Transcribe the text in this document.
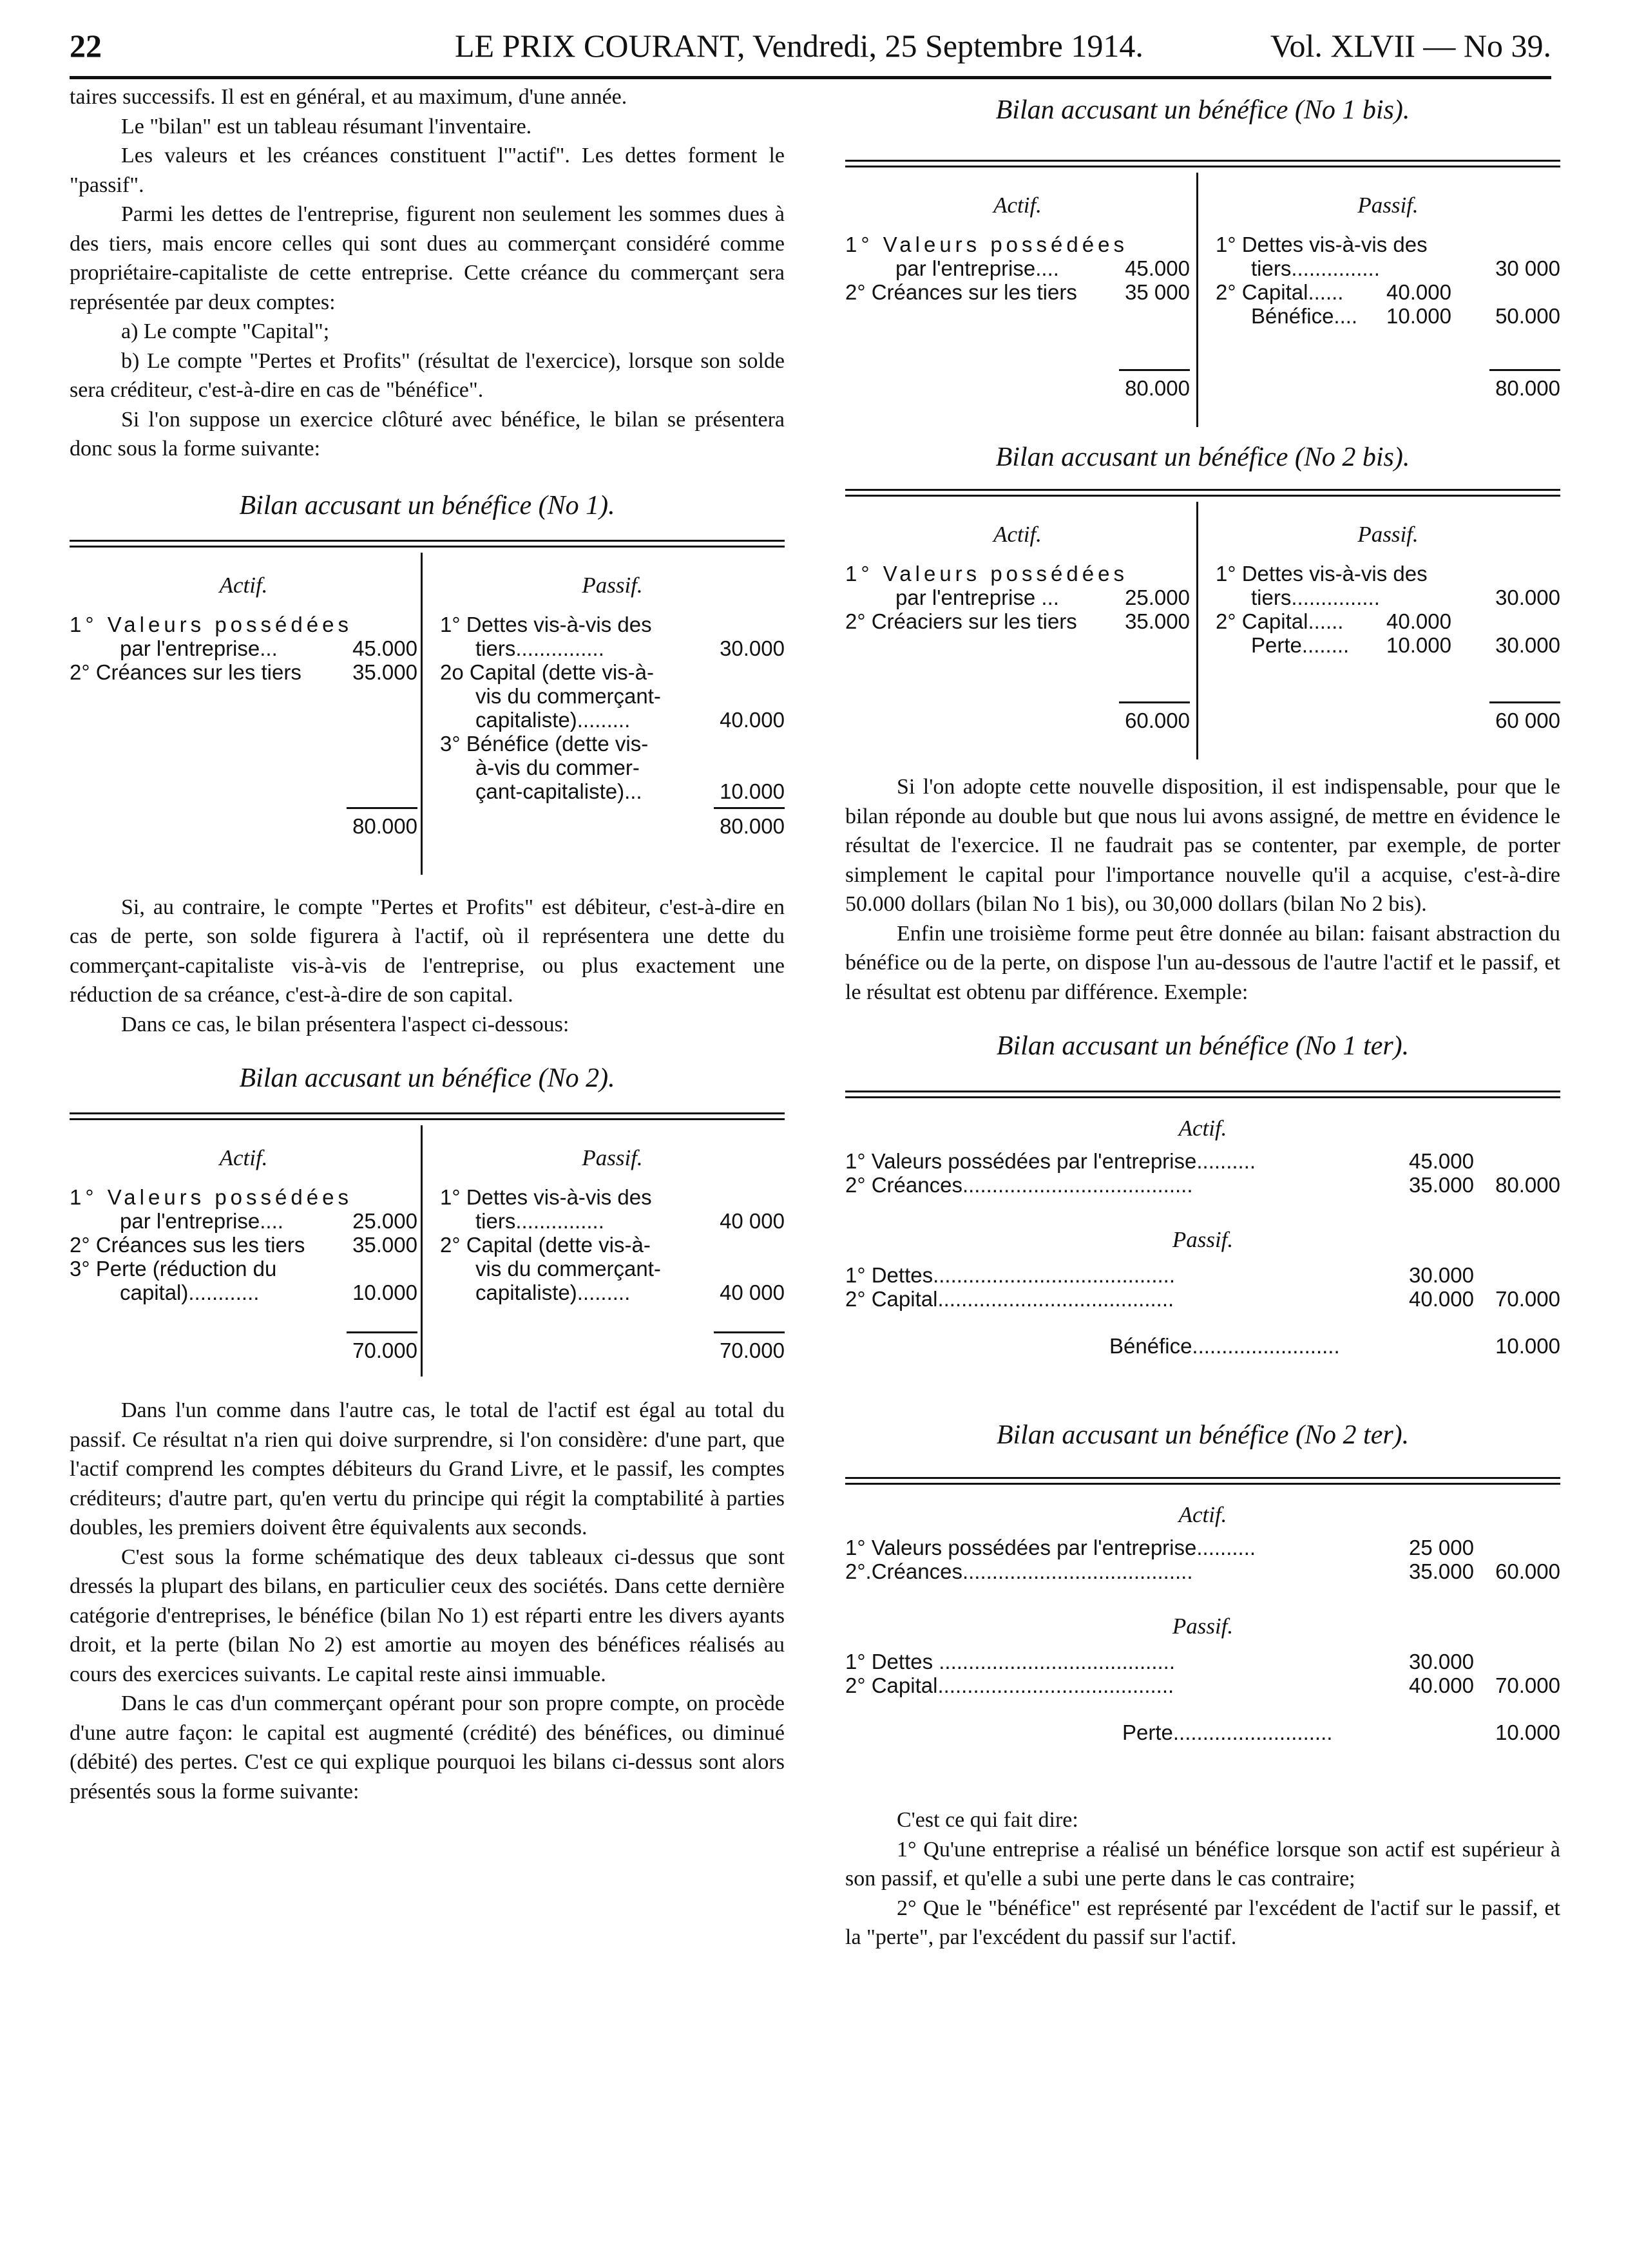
22	LE PRIX COURANT, Vendredi, 25 Septembre 1914.	Vol. XLVII — No 39.

taires successifs. Il est en général, et au maximum, d'une année.

Le "bilan" est un tableau résumant l'inventaire.

Les valeurs et les créances constituent l'"actif". Les dettes forment le "passif".

Parmi les dettes de l'entreprise, figurent non seulement les sommes dues à des tiers, mais encore celles qui sont dues au commerçant considéré comme propriétaire-capitaliste de cette entreprise. Cette créance du commerçant sera représentée par deux comptes:

a) Le compte "Capital";

b) Le compte "Pertes et Profits" (résultat de l'exercice), lorsque son solde sera créditeur, c'est-à-dire en cas de "bénéfice".

Si l'on suppose un exercice clôturé avec bénéfice, le bilan se présentera donc sous la forme suivante:

Bilan accusant un bénéfice (No 1).
Actif.
1° Valeurs possédées
par l'entreprise...	45.000
2° Créances sur les tiers 35.000
80.000
Passif.
1° Dettes vis-à-vis des
tiers...............	30.000
2o Capital (dette vis-à-
vis du commerçant-
capitaliste).........	40.000
3° Bénéfice (dette vis-
à-vis du commer-
çant-capitaliste)...	10.000
80.000

Si, au contraire, le compte "Pertes et Profits" est débiteur, c'est-à-dire en cas de perte, son solde figurera à l'actif, où il représentera une dette du commerçant-capitaliste vis-à-vis de l'entreprise, ou plus exactement une réduction de sa créance, c'est-à-dire de son capital.

Dans ce cas, le bilan présentera l'aspect ci-dessous:

Bilan accusant un bénéfice (No 2).
Actif.
1° Valeurs possédées
par l'entreprise....	25.000
2° Créances sus les tiers 35.000
3° Perte (réduction du
capital)............	10.000
70.000
Passif.
1° Dettes vis-à-vis des
tiers...............	40 000
2° Capital (dette vis-à-
vis du commerçant-
capitaliste).........	40 000
70.000

Dans l'un comme dans l'autre cas, le total de l'actif est égal au total du passif. Ce résultat n'a rien qui doive surprendre, si l'on considère: d'une part, que l'actif comprend les comptes débiteurs du Grand Livre, et le passif, les comptes créditeurs; d'autre part, qu'en vertu du principe qui régit la comptabilité à parties doubles, les premiers doivent être équivalents aux seconds.

C'est sous la forme schématique des deux tableaux ci-dessus que sont dressés la plupart des bilans, en particulier ceux des sociétés. Dans cette dernière catégorie d'entreprises, le bénéfice (bilan No 1) est réparti entre les divers ayants droit, et la perte (bilan No 2) est amortie au moyen des bénéfices réalisés au cours des exercices suivants. Le capital reste ainsi immuable.

Dans le cas d'un commerçant opérant pour son propre compte, on procède d'une autre façon: le capital est augmenté (crédité) des bénéfices, ou diminué (débité) des pertes. C'est ce qui explique pourquoi les bilans ci-dessus sont alors présentés sous la forme suivante:

Bilan accusant un bénéfice (No 1 bis).
Actif.
1° Valeurs possédées
par l'entreprise....	45.000
2° Créances sur les tiers 35 000
80.000
Passif.
1° Dettes vis-à-vis des
tiers...............	30 000
2° Capital...... 40.000
Bénéfice.... 10.000 50.000
80.000
Bilan accusant un bénéfice (No 2 bis).
Actif.
1° Valeurs possédées
par l'entreprise ...	25.000
2° Créaciers sur les tiers 35.000
60.000
Passif.
1° Dettes vis-à-vis des
tiers...............	30.000
2° Capital...... 40.000
Perte........ 10.000 30.000
60 000

Si l'on adopte cette nouvelle disposition, il est indispensable, pour que le bilan réponde au double but que nous lui avons assigné, de mettre en évidence le résultat de l'exercice. Il ne faudrait pas se contenter, par exemple, de porter simplement le capital pour l'importance nouvelle qu'il a acquise, c'est-à-dire 50.000 dollars (bilan No 1 bis), ou 30,000 dollars (bilan No 2 bis).

Enfin une troisième forme peut être donnée au bilan: faisant abstraction du bénéfice ou de la perte, on dispose l'un au-dessous de l'autre l'actif et le passif, et le résultat est obtenu par différence. Exemple:

Bilan accusant un bénéfice (No 1 ter).
Actif.
1° Valeurs possédées par l'entreprise..........	45.000
2° Créances.......................................	35.000 80.000
Passif.
1° Dettes.........................................	30.000
2° Capital........................................	40.000 70.000
Bénéfice.........................	10.000
Bilan accusant un bénéfice (No 2 ter).
Actif.
1° Valeurs possédées par l'entreprise..........	25 000
2°.Créances.......................................	35.000 60.000
Passif.
1° Dettes ........................................	30.000
2° Capital........................................	40.000 70.000
Perte...........................	10.000

C'est ce qui fait dire:

1° Qu'une entreprise a réalisé un bénéfice lorsque son actif est supérieur à son passif, et qu'elle a subi une perte dans le cas contraire;

2° Que le "bénéfice" est représenté par l'excédent de l'actif sur le passif, et la "perte", par l'excédent du passif sur l'actif.
